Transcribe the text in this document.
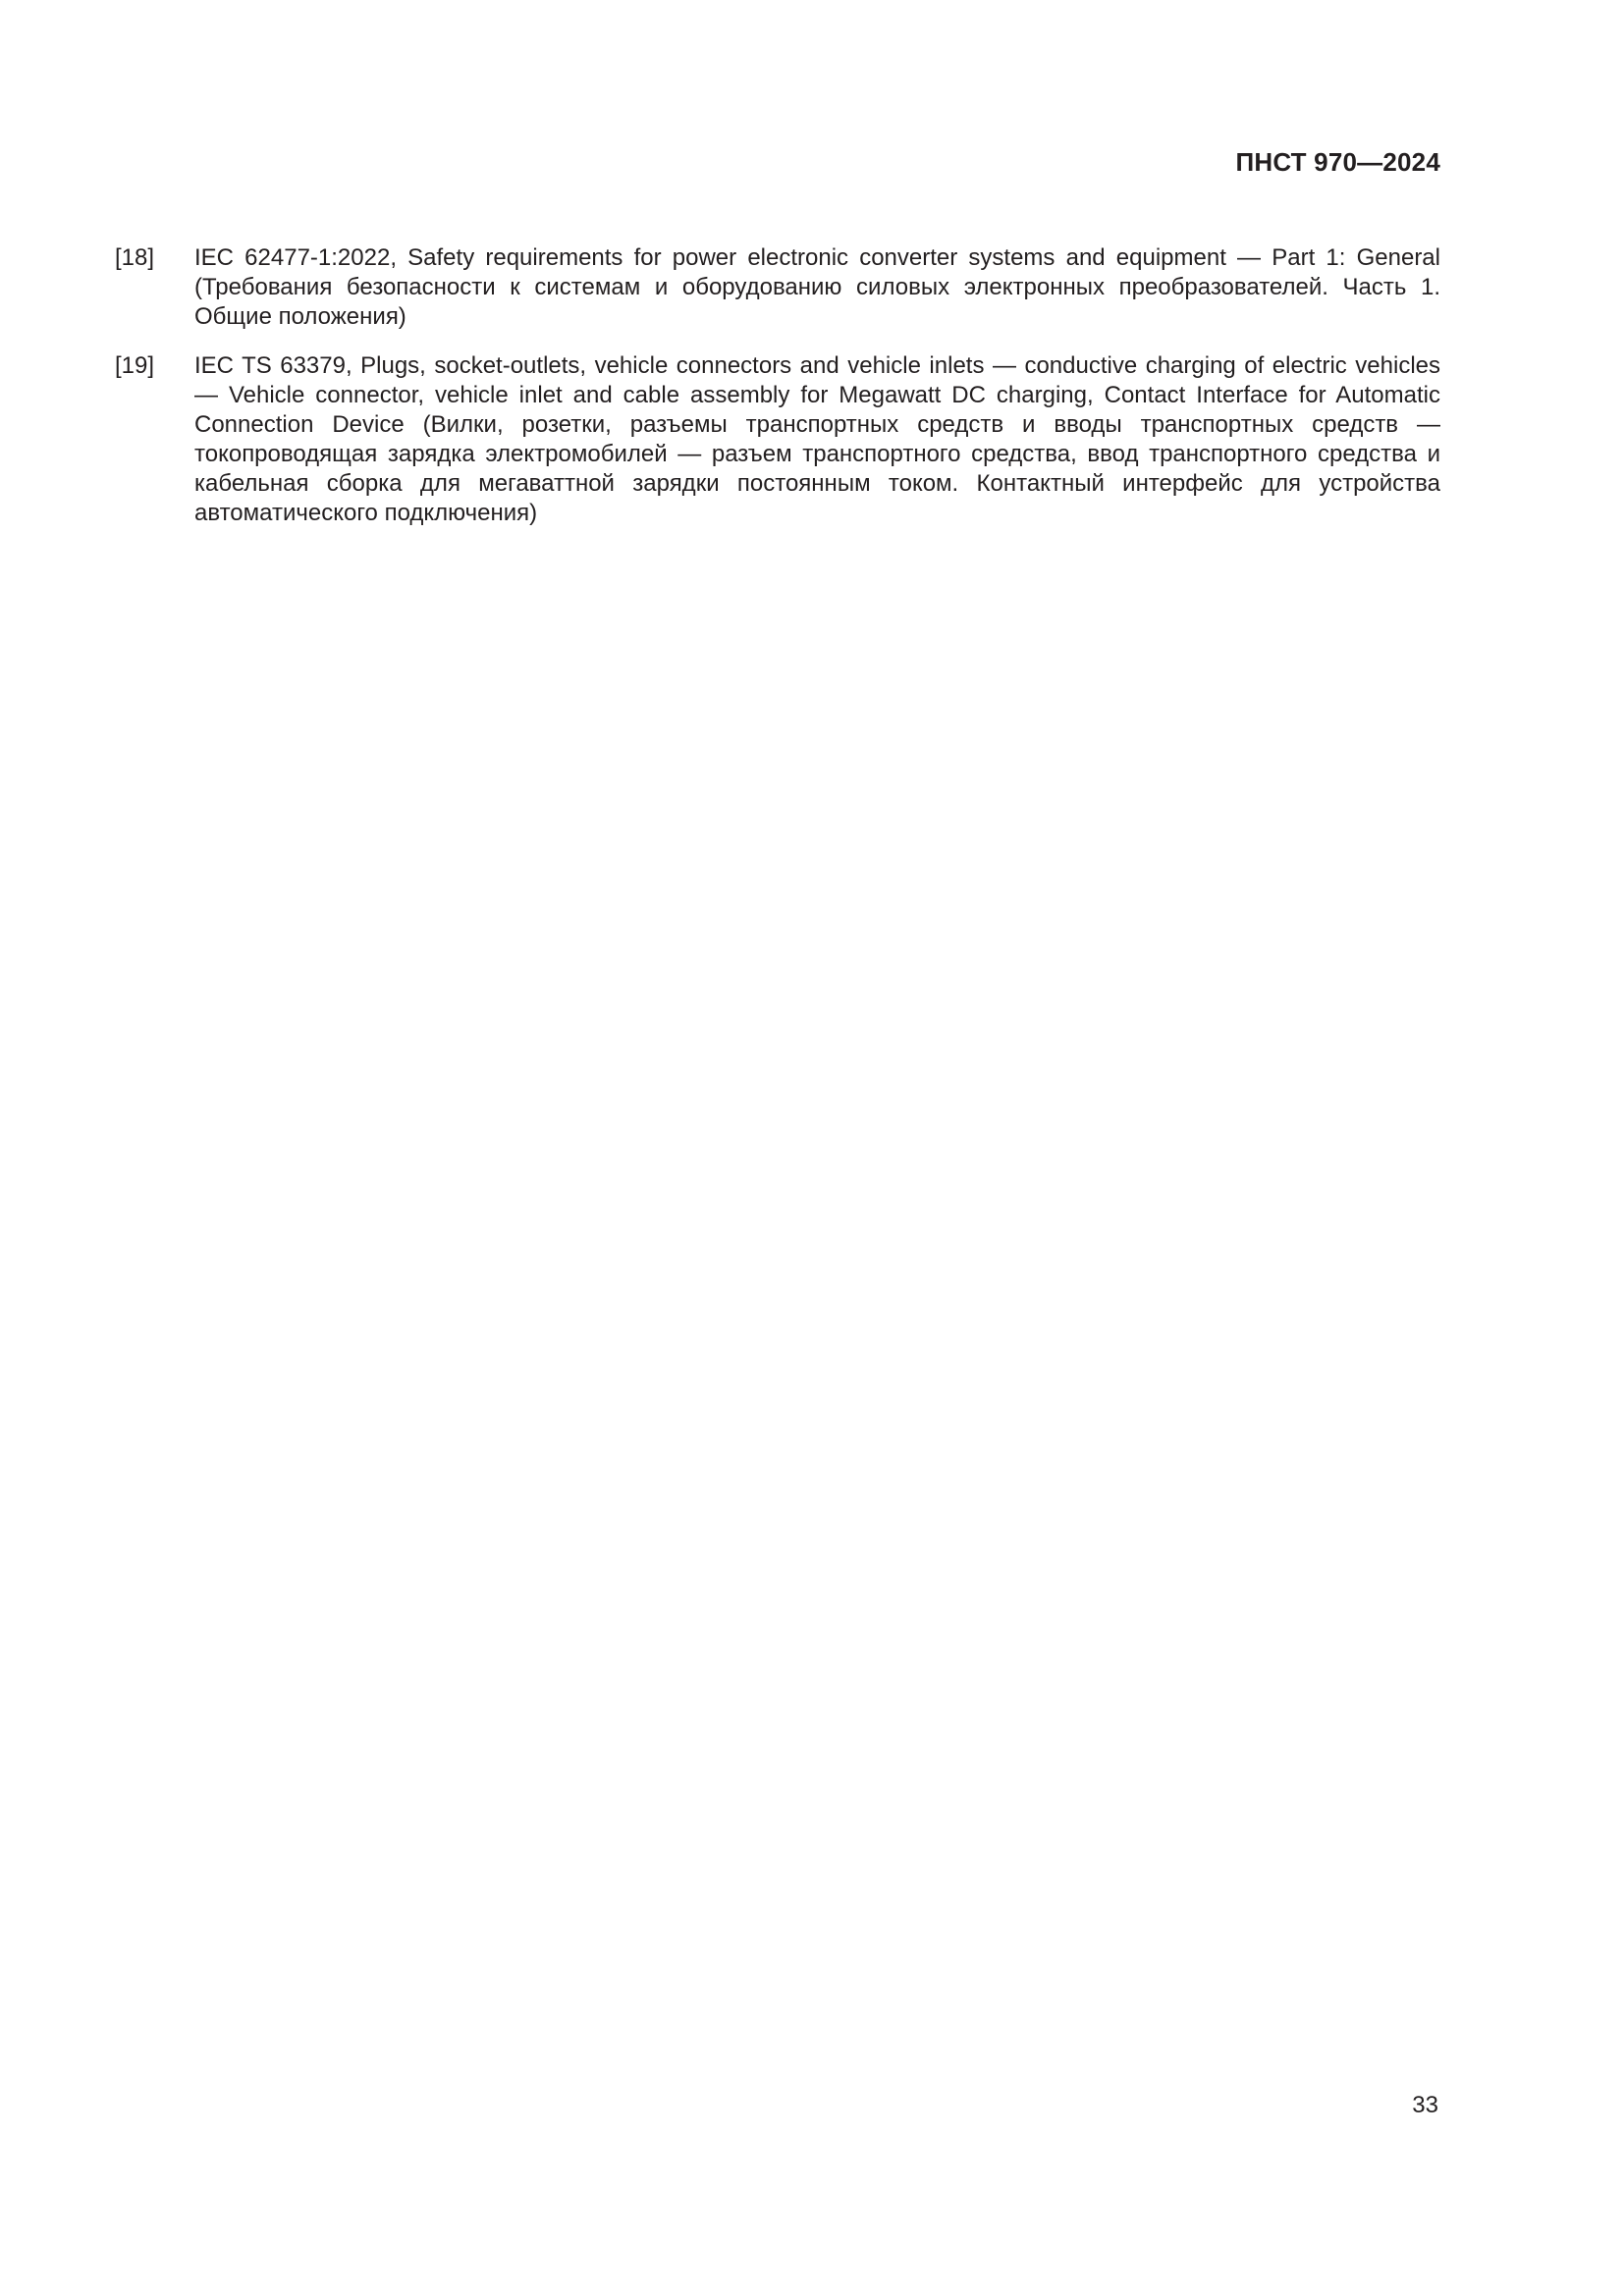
ПНСТ 970—2024
[18]	IEC 62477-1:2022, Safety requirements for power electronic converter systems and equipment — Part 1: General (Требования безопасности к системам и оборудованию силовых электронных преобразователей. Часть 1. Общие положения)
[19]	IEC TS 63379, Plugs, socket-outlets, vehicle connectors and vehicle inlets — conductive charging of electric vehicles — Vehicle connector, vehicle inlet and cable assembly for Megawatt DC charging, Contact Interface for Automatic Connection Device (Вилки, розетки, разъемы транспортных средств и вводы транспортных средств — токопроводящая зарядка электромобилей — разъем транспортного средства, ввод транспортного средства и кабельная сборка для мегаваттной зарядки постоянным током. Контактный интерфейс для устройства автоматического подключения)
33
